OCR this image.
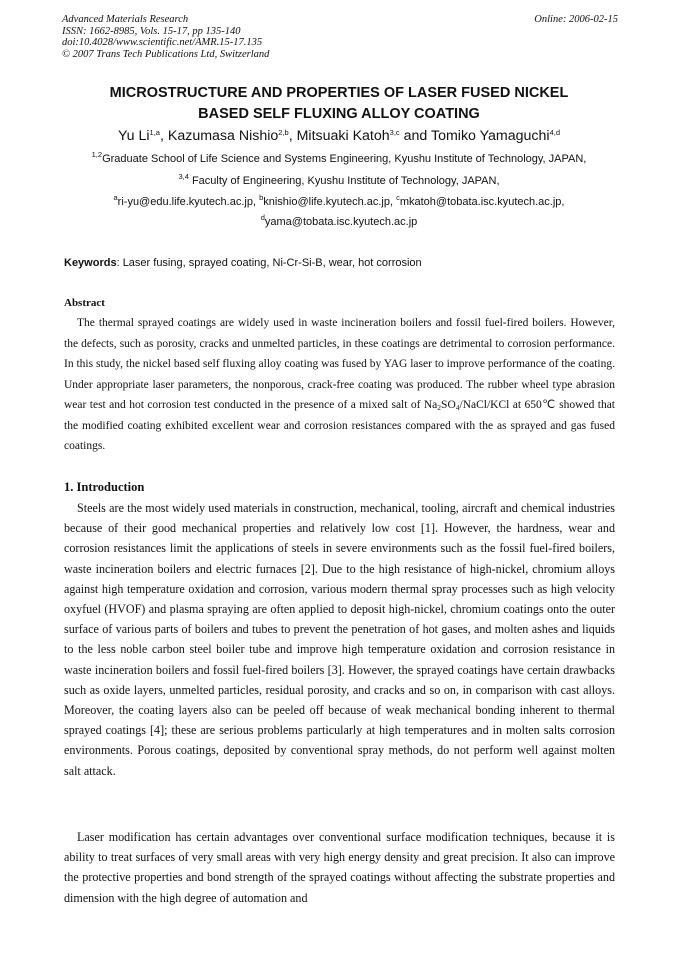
Advanced Materials Research
ISSN: 1662-8985, Vols. 15-17, pp 135-140
doi:10.4028/www.scientific.net/AMR.15-17.135
© 2007 Trans Tech Publications Ltd, Switzerland
Online: 2006-02-15
MICROSTRUCTURE AND PROPERTIES OF LASER FUSED NICKEL
BASED SELF FLUXING ALLOY COATING
Yu Li$^{1,a}$, Kazumasa Nishio$^{2,b}$, Mitsuaki Katoh$^{3,c}$ and Tomiko Yamaguchi$^{4,d}$
$^{1,2}$Graduate School of Life Science and Systems Engineering, Kyushu Institute of Technology, JAPAN,
$^{3,4}$ Faculty of Engineering, Kyushu Institute of Technology, JAPAN,
$^a$ri-yu@edu.life.kyutech.ac.jp, $^b$knishio@life.kyutech.ac.jp, $^c$mkatoh@tobata.isc.kyutech.ac.jp,
$^d$yama@tobata.isc.kyutech.ac.jp
Keywords: Laser fusing, sprayed coating, Ni-Cr-Si-B, wear, hot corrosion
Abstract
The thermal sprayed coatings are widely used in waste incineration boilers and fossil fuel-fired boilers. However, the defects, such as porosity, cracks and unmelted particles, in these coatings are detrimental to corrosion performance. In this study, the nickel based self fluxing alloy coating was fused by YAG laser to improve performance of the coating. Under appropriate laser parameters, the nonporous, crack-free coating was produced. The rubber wheel type abrasion wear test and hot corrosion test conducted in the presence of a mixed salt of $Na_2SO_4/NaCl$/KCl at 650℃ showed that the modified coating exhibited excellent wear and corrosion resistances compared with the as sprayed and gas fused coatings.
1. Introduction
Steels are the most widely used materials in construction, mechanical, tooling, aircraft and chemical industries because of their good mechanical properties and relatively low cost [1]. However, the hardness, wear and corrosion resistances limit the applications of steels in severe environments such as the fossil fuel-fired boilers, waste incineration boilers and electric furnaces [2]. Due to the high resistance of high-nickel, chromium alloys against high temperature oxidation and corrosion, various modern thermal spray processes such as high velocity oxyfuel (HVOF) and plasma spraying are often applied to deposit high-nickel, chromium coatings onto the outer surface of various parts of boilers and tubes to prevent the penetration of hot gases, and molten ashes and liquids to the less noble carbon steel boiler tube and improve high temperature oxidation and corrosion resistance in waste incineration boilers and fossil fuel-fired boilers [3]. However, the sprayed coatings have certain drawbacks such as oxide layers, unmelted particles, residual porosity, and cracks and so on, in comparison with cast alloys. Moreover, the coating layers also can be peeled off because of weak mechanical bonding inherent to thermal sprayed coatings [4]; these are serious problems particularly at high temperatures and in molten salts corrosion environments. Porous coatings, deposited by conventional spray methods, do not perform well against molten salt attack.
Laser modification has certain advantages over conventional surface modification techniques, because it is ability to treat surfaces of very small areas with very high energy density and great precision. It also can improve the protective properties and bond strength of the sprayed coatings without affecting the substrate properties and dimension with the high degree of automation and
